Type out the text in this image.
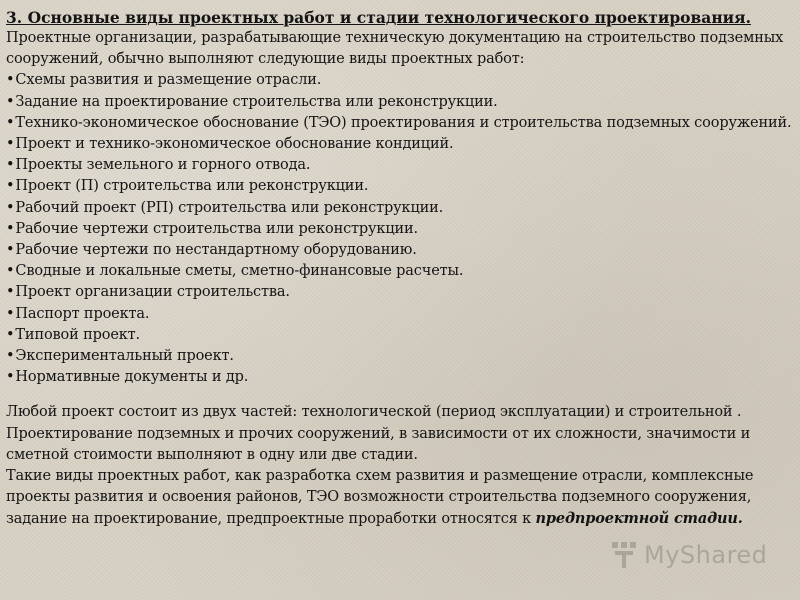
3. Основные виды проектных работ и стадии технологического проектирования.

Проектные организации, разрабатывающие техническую документацию на строительство подземных сооружений, обычно выполняют следующие виды проектных работ:

• Схемы развития и размещение отрасли.
• Задание на проектирование строительства или реконструкции.
• Технико-экономическое обоснование (ТЭО) проектирования и строительства подземных сооружений.
• Проект и технико-экономическое обоснование кондиций.
• Проекты земельного и горного отвода.
• Проект (П) строительства или реконструкции.
• Рабочий проект (РП) строительства или реконструкции.
• Рабочие чертежи строительства или реконструкции.
• Рабочие чертежи по нестандартному оборудованию.
• Сводные и локальные сметы, сметно-финансовые расчеты.
• Проект организации строительства.
• Паспорт проекта.
• Типовой проект.
• Экспериментальный проект.
• Нормативные документы и др.

Любой проект состоит из двух частей: технологической (период эксплуатации) и строительной . Проектирование подземных и прочих сооружений, в зависимости от их сложности, значимости и сметной стоимости выполняют в одну или две стадии.

Такие виды проектных работ, как разработка схем развития и размещение отрасли, комплексные проекты развития и освоения районов, ТЭО возможности строительства подземного сооружения, задание на проектирование, предпроектные проработки относятся к предпроектной стадии.

MyShared
